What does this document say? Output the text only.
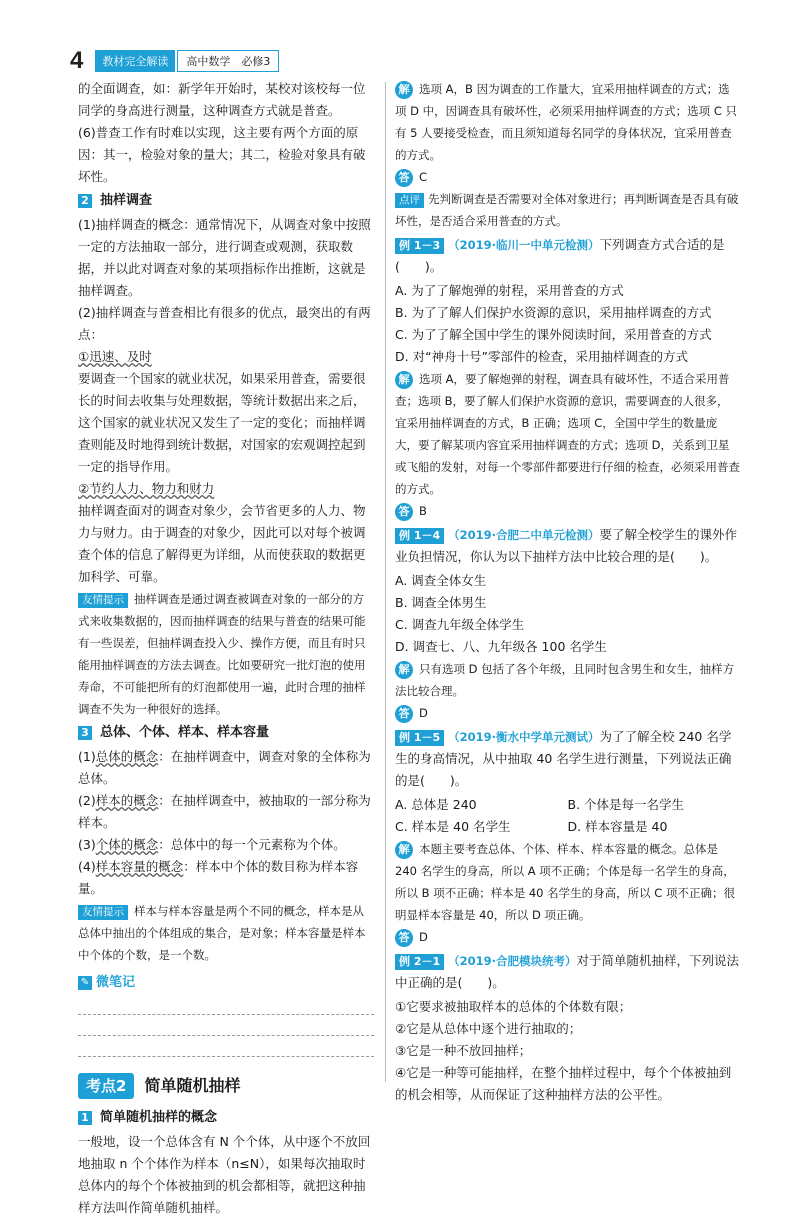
4	教材完全解读	高中数学　必修3

的全面调查，如：新学年开始时，某校对该校每一位同学的身高进行测量，这种调查方式就是普查。

(6)普查工作有时难以实现，这主要有两个方面的原因：其一，检验对象的量大；其二，检验对象具有破坏性。

2 抽样调查

(1)抽样调查的概念：通常情况下，从调查对象中按照一定的方法抽取一部分，进行调查或观测，获取数据，并以此对调查对象的某项指标作出推断，这就是抽样调查。

(2)抽样调查与普查相比有很多的优点，最突出的有两点：

①迅速、及时

要调查一个国家的就业状况，如果采用普查，需要很长的时间去收集与处理数据，等统计数据出来之后，这个国家的就业状况又发生了一定的变化；而抽样调查则能及时地得到统计数据，对国家的宏观调控起到一定的指导作用。

②节约人力、物力和财力

抽样调查面对的调查对象少，会节省更多的人力、物力与财力。由于调查的对象少，因此可以对每个被调查个体的信息了解得更为详细，从而使获取的数据更加科学、可靠。

友情提示 抽样调查是通过调查被调查对象的一部分的方式来收集数据的，因而抽样调查的结果与普查的结果可能有一些误差，但抽样调查投入少、操作方便，而且有时只能用抽样调查的方法去调查。比如要研究一批灯泡的使用寿命，不可能把所有的灯泡都使用一遍，此时合理的抽样调查不失为一种很好的选择。

3 总体、个体、样本、样本容量

(1)总体的概念：在抽样调查中，调查对象的全体称为总体。

(2)样本的概念：在抽样调查中，被抽取的一部分称为样本。

(3)个体的概念：总体中的每一个元素称为个体。

(4)样本容量的概念：样本中个体的数目称为样本容量。

友情提示 样本与样本容量是两个不同的概念，样本是从总体中抽出的个体组成的集合，是对象；样本容量是样本中个体的个数，是一个数。

✎ 微笔记
考点2	简单随机抽样
1 简单随机抽样的概念

一般地，设一个总体含有 N 个个体，从中逐个不放回地抽取 n 个个体作为样本（n≤N），如果每次抽取时总体内的每个个体被抽到的机会都相等，就把这种抽样方法叫作简单随机抽样。

解 选项 A，B 因为调查的工作量大，宜采用抽样调查的方式；选项 D 中，因调查具有破坏性，必须采用抽样调查的方式；选项 C 只有 5 人要接受检查，而且须知道每名同学的身体状况，宜采用普查的方式。

答 C

点评 先判断调查是否需要对全体对象进行；再判断调查是否具有破坏性，是否适合采用普查的方式。

例 1－3 （2019·临川一中单元检测）下列调查方式合适的是(　　)。

A. 为了了解炮弹的射程，采用普查的方式

B. 为了了解人们保护水资源的意识，采用抽样调查的方式

C. 为了了解全国中学生的课外阅读时间，采用普查的方式

D. 对“神舟十号”零部件的检查，采用抽样调查的方式

解 选项 A，要了解炮弹的射程，调查具有破坏性，不适合采用普查；选项 B，要了解人们保护水资源的意识，需要调查的人很多，宜采用抽样调查的方式，B 正确；选项 C，全国中学生的数量庞大，要了解某项内容宜采用抽样调查的方式；选项 D，关系到卫星或飞船的发射，对每一个零部件都要进行仔细的检查，必须采用普查的方式。

答 B

例 1－4 （2019·合肥二中单元检测）要了解全校学生的课外作业负担情况，你认为以下抽样方法中比较合理的是(　　)。

A. 调查全体女生

B. 调查全体男生

C. 调查九年级全体学生

D. 调查七、八、九年级各 100 名学生

解 只有选项 D 包括了各个年级，且同时包含男生和女生，抽样方法比较合理。

答 D

例 1－5 （2019·衡水中学单元测试）为了了解全校 240 名学生的身高情况，从中抽取 40 名学生进行测量，下列说法正确的是(　　)。

A. 总体是 240	B. 个体是每一名学生

C. 样本是 40 名学生	D. 样本容量是 40

解 本题主要考查总体、个体、样本、样本容量的概念。总体是 240 名学生的身高，所以 A 项不正确；个体是每一名学生的身高，所以 B 项不正确；样本是 40 名学生的身高，所以 C 项不正确；很明显样本容量是 40，所以 D 项正确。

答 D

例 2－1 （2019·合肥模块统考）对于简单随机抽样，下列说法中正确的是(　　)。

①它要求被抽取样本的总体的个体数有限；

②它是从总体中逐个进行抽取的；

③它是一种不放回抽样；

④它是一种等可能抽样，在整个抽样过程中，每个个体被抽到的机会相等，从而保证了这种抽样方法的公平性。
